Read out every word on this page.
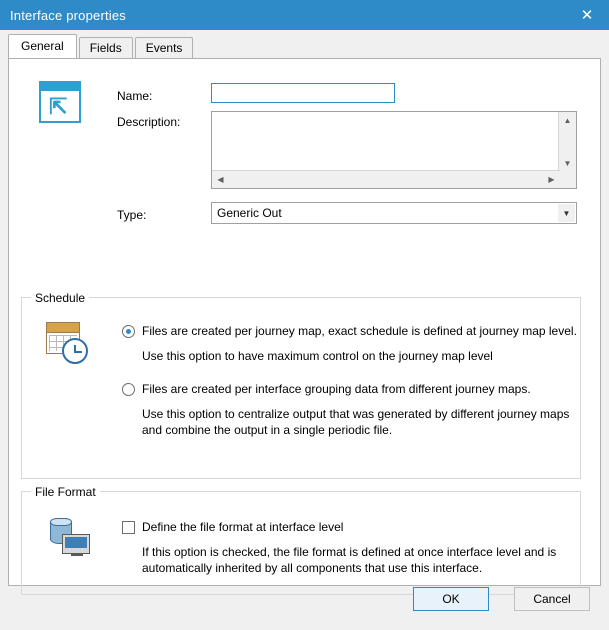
Interface properties	✕
General	Fields	Events
⇱	Name:
Description:	▲
▼
◀	▶
Type:	Generic Out	▼
Schedule
Files are created per journey map, exact schedule is defined at journey map level.
Use this option to have maximum control on the journey map level
Files are created per interface grouping data from different journey maps.
Use this option to centralize output that was generated by different journey maps and combine the output in a single periodic file.
File Format
Define the file format at interface level
If this option is checked, the file format is defined at once interface level and is automatically inherited by all components that use this interface.
OK	Cancel
